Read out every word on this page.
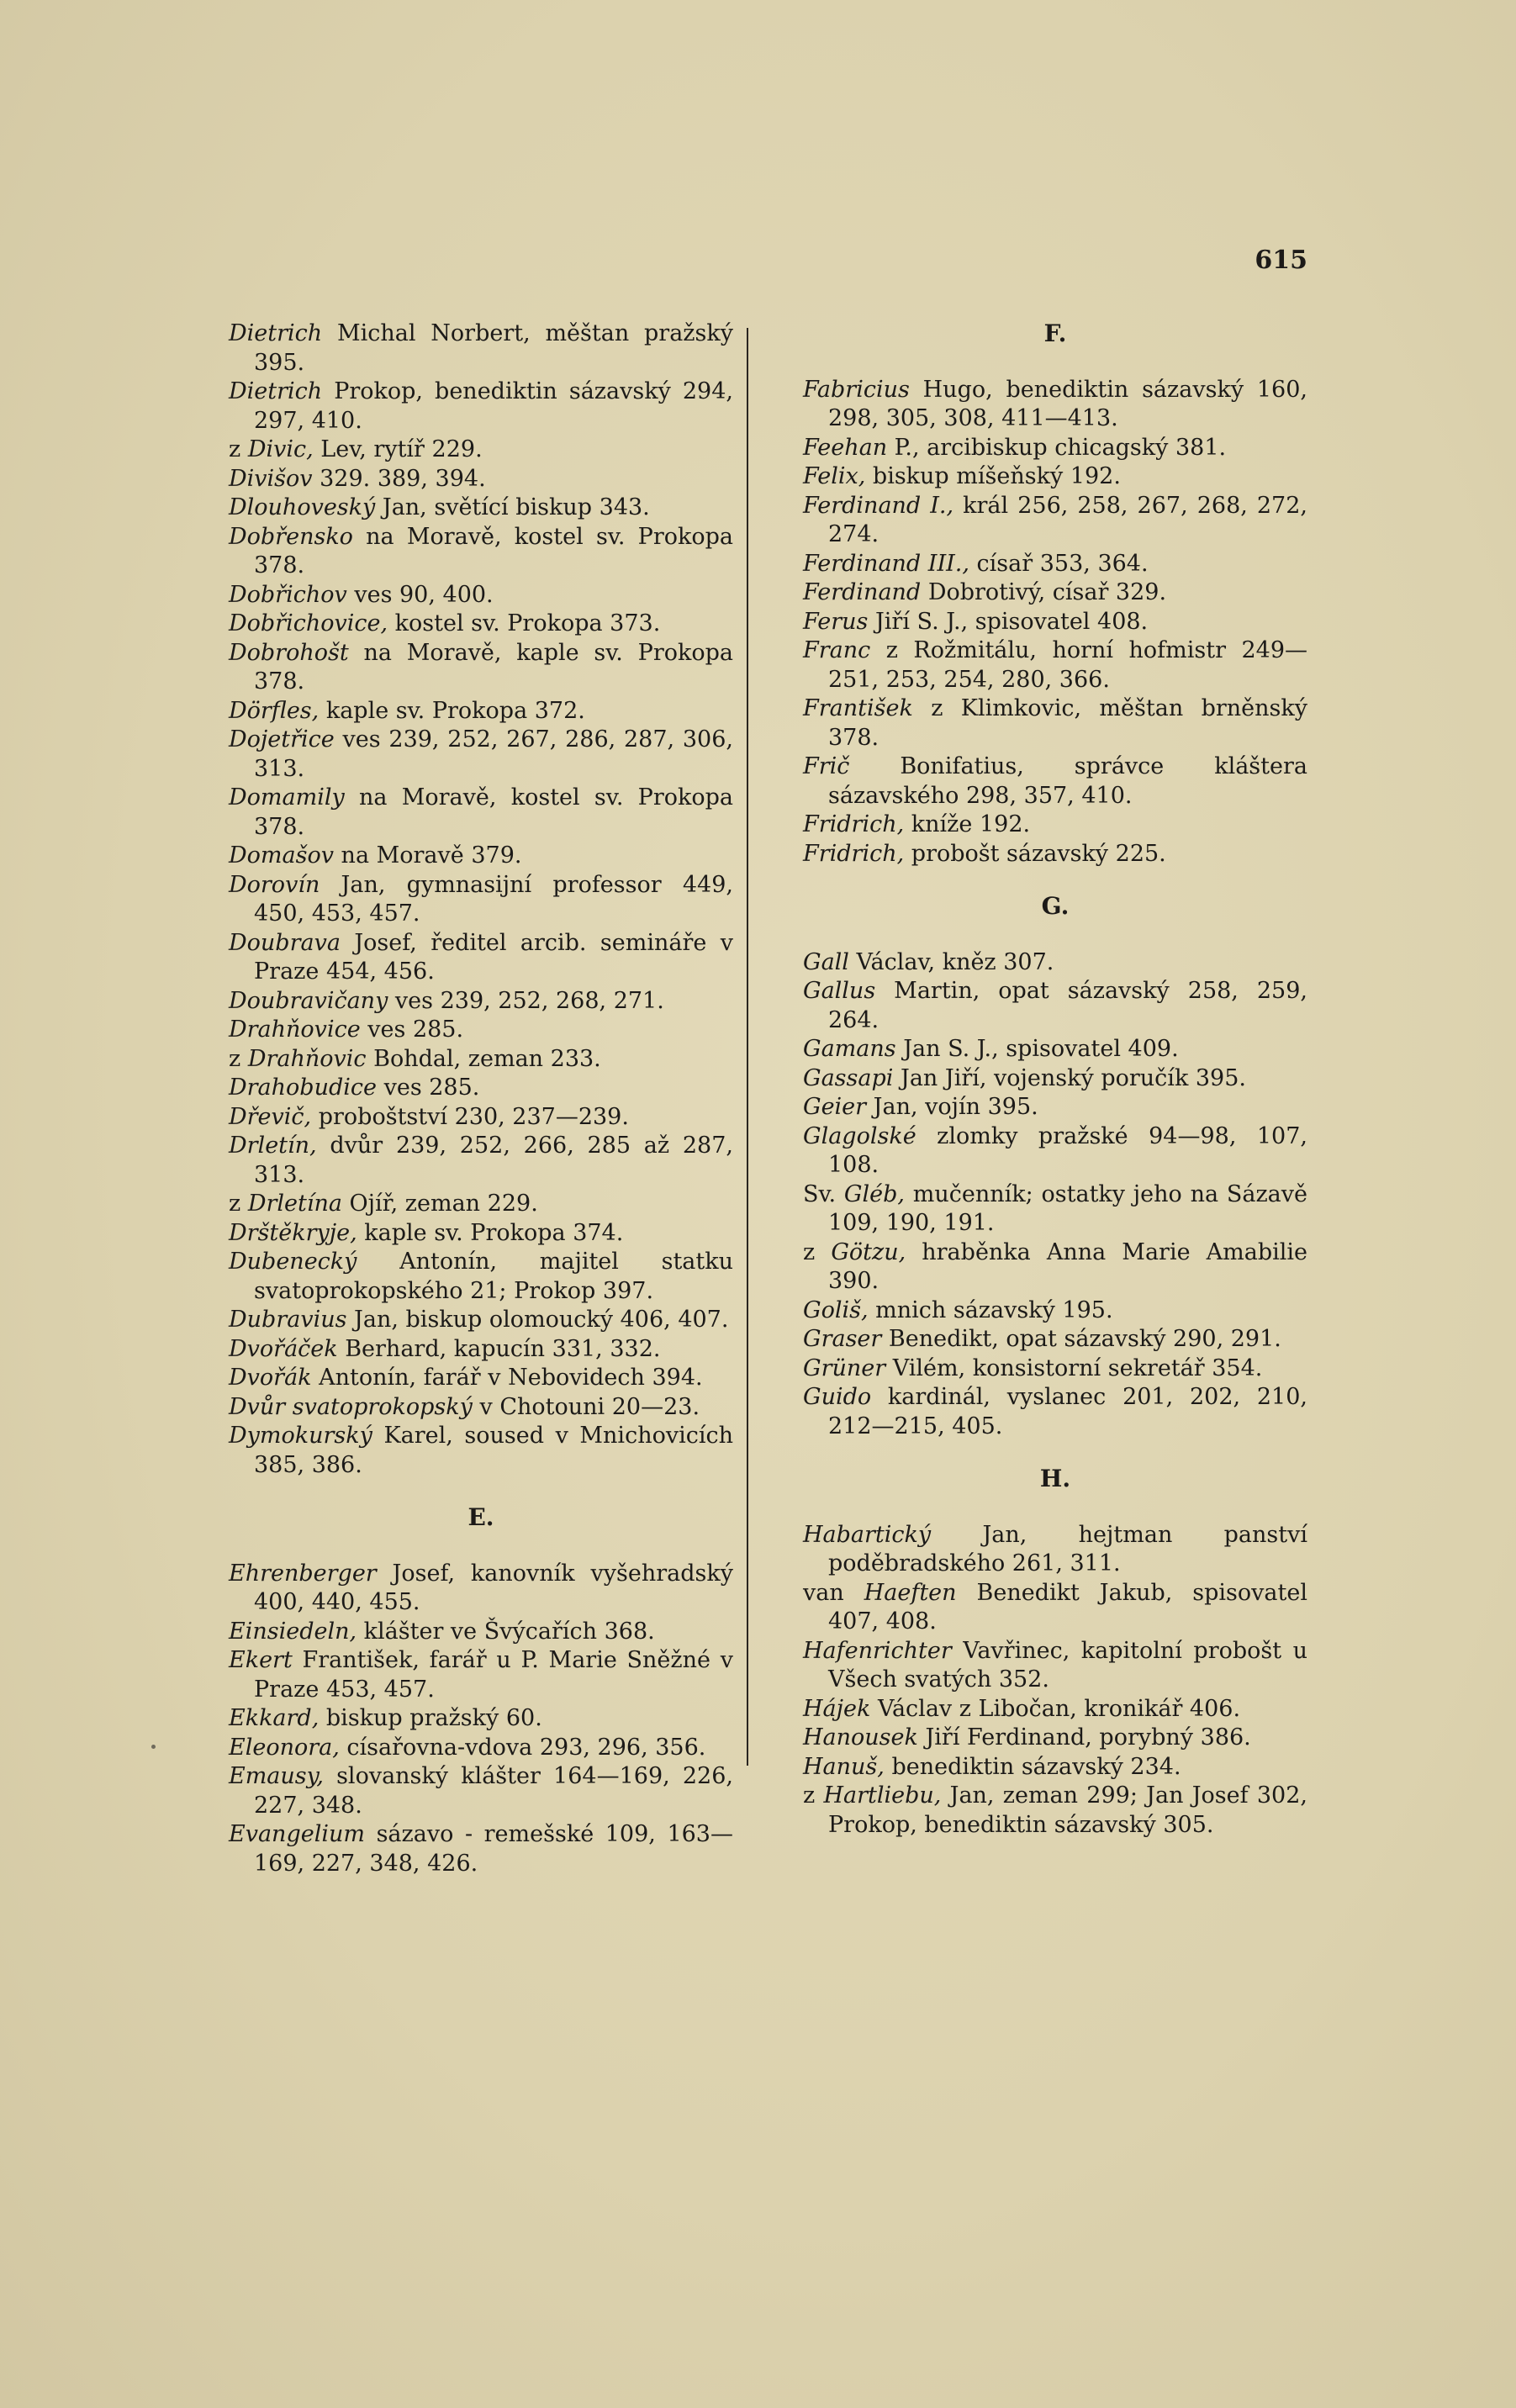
615
Dietrich Michal Norbert, měštan pražský 395.
Dietrich Prokop, benediktin sázavský 294, 297, 410.
z Divic, Lev, rytíř 229.
Divišov 329. 389, 394.
Dlouhoveský Jan, světící biskup 343.
Dobřensko na Moravě, kostel sv. Prokopa 378.
Dobřichov ves 90, 400.
Dobřichovice, kostel sv. Prokopa 373.
Dobrohošt na Moravě, kaple sv. Prokopa 378.
Dörfles, kaple sv. Prokopa 372.
Dojetřice ves 239, 252, 267, 286, 287, 306, 313.
Domamily na Moravě, kostel sv. Prokopa 378.
Domašov na Moravě 379.
Dorovín Jan, gymnasijní professor 449, 450, 453, 457.
Doubrava Josef, ředitel arcib. semináře v Praze 454, 456.
Doubravičany ves 239, 252, 268, 271.
Drahňovice ves 285.
z Drahňovic Bohdal, zeman 233.
Drahobudice ves 285.
Dřevič, proboštství 230, 237—239.
Drletín, dvůr 239, 252, 266, 285 až 287, 313.
z Drletína Ojíř, zeman 229.
Drštěkryje, kaple sv. Prokopa 374.
Dubenecký Antonín, majitel statku svatoprokopského 21; Prokop 397.
Dubravius Jan, biskup olomoucký 406, 407.
Dvořáček Berhard, kapucín 331, 332.
Dvořák Antonín, farář v Nebovidech 394.
Dvůr svatoprokopský v Chotouni 20—23.
Dymokurský Karel, soused v Mnichovicích 385, 386.
E.
Ehrenberger Josef, kanovník vyšehradský 400, 440, 455.
Einsiedeln, klášter ve Švýcařích 368.
Ekert František, farář u P. Marie Sněžné v Praze 453, 457.
Ekkard, biskup pražský 60.
Eleonora, císařovna-vdova 293, 296, 356.
Emausy, slovanský klášter 164—169, 226, 227, 348.
Evangelium sázavo - remešské 109, 163—169, 227, 348, 426.
F.
Fabricius Hugo, benediktin sázavský 160, 298, 305, 308, 411—413.
Feehan P., arcibiskup chicagský 381.
Felix, biskup míšeňský 192.
Ferdinand I., král 256, 258, 267, 268, 272, 274.
Ferdinand III., císař 353, 364.
Ferdinand Dobrotivý, císař 329.
Ferus Jiří S. J., spisovatel 408.
Franc z Rožmitálu, horní hofmistr 249—251, 253, 254, 280, 366.
František z Klimkovic, měštan brněnský 378.
Frič Bonifatius, správce kláštera sázavského 298, 357, 410.
Fridrich, kníže 192.
Fridrich, probošt sázavský 225.
G.
Gall Václav, kněz 307.
Gallus Martin, opat sázavský 258, 259, 264.
Gamans Jan S. J., spisovatel 409.
Gassapi Jan Jiří, vojenský poručík 395.
Geier Jan, vojín 395.
Glagolské zlomky pražské 94—98, 107, 108.
Sv. Gléb, mučenník; ostatky jeho na Sázavě 109, 190, 191.
z Götzu, hraběnka Anna Marie Amabilie 390.
Goliš, mnich sázavský 195.
Graser Benedikt, opat sázavský 290, 291.
Grüner Vilém, konsistorní sekretář 354.
Guido kardinál, vyslanec 201, 202, 210, 212—215, 405.
H.
Habartický Jan, hejtman panství poděbradského 261, 311.
van Haeften Benedikt Jakub, spisovatel 407, 408.
Hafenrichter Vavřinec, kapitolní probošt u Všech svatých 352.
Hájek Václav z Libočan, kronikář 406.
Hanousek Jiří Ferdinand, porybný 386.
Hanuš, benediktin sázavský 234.
z Hartliebu, Jan, zeman 299; Jan Josef 302, Prokop, benediktin sázavský 305.
